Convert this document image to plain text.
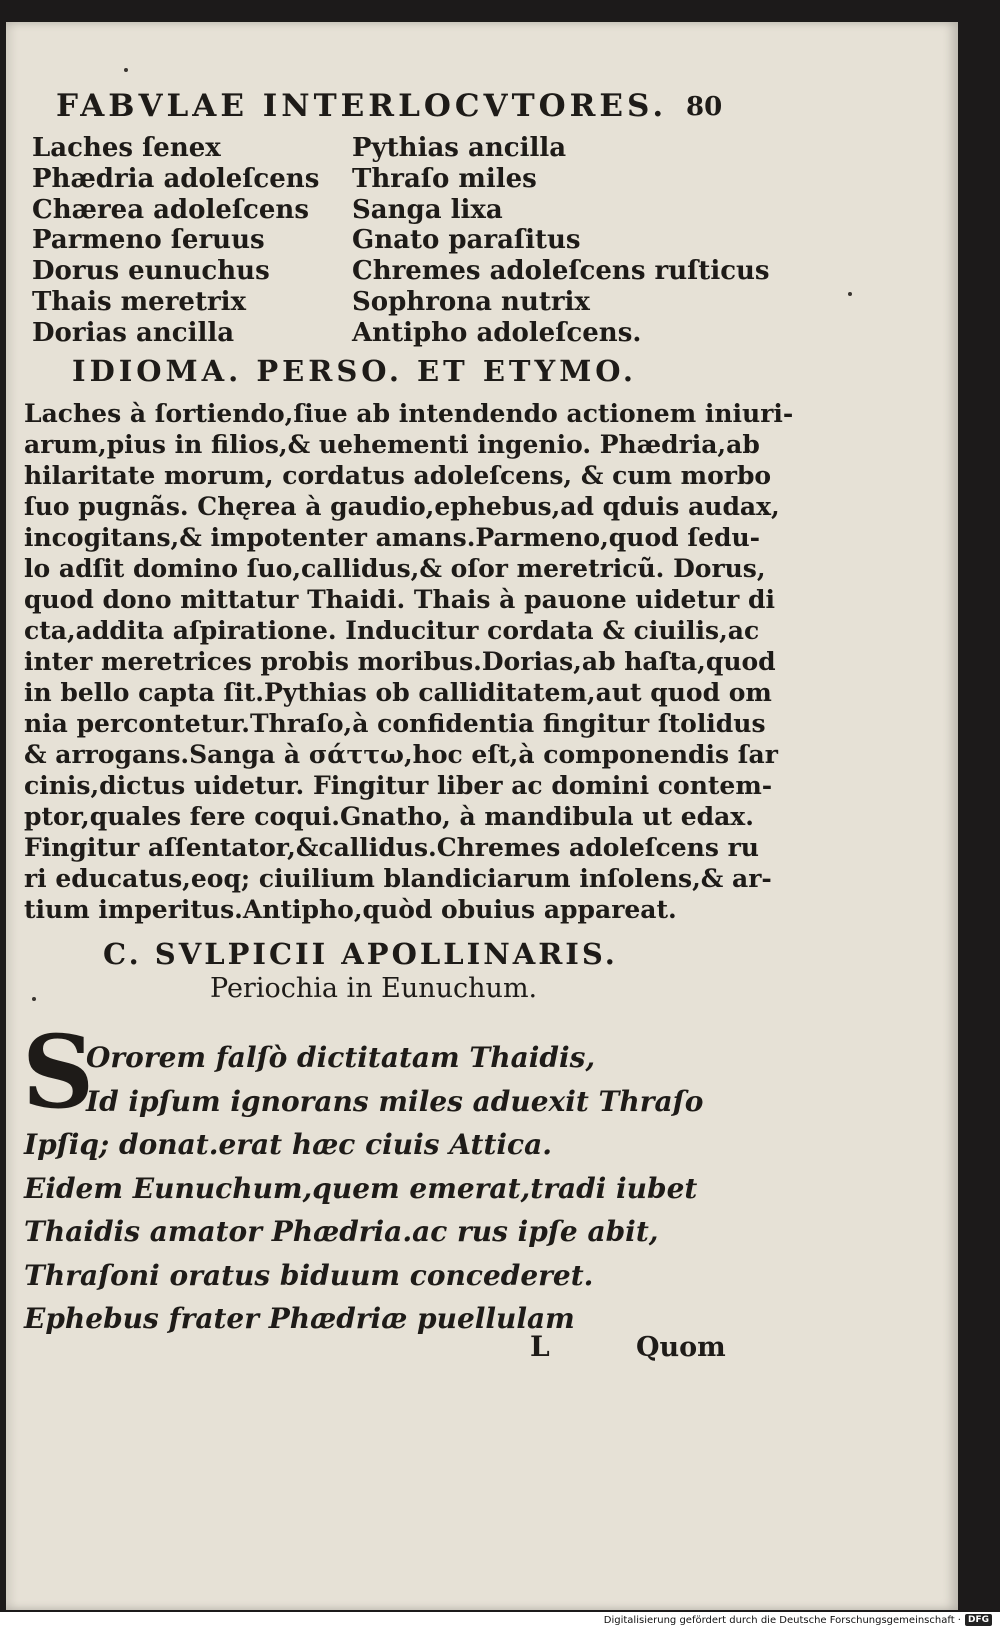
FABVLAE INTERLOCVTORES. 80
Laches ſenex
Phædria adoleſcens
Chærea adoleſcens
Parmeno ſeruus
Dorus eunuchus
Thais meretrix
Dorias ancilla
Pythias ancilla
Thraſo miles
Sanga lixa
Gnato paraſitus
Chremes adoleſcens ruſticus
Sophrona nutrix
Antipho adoleſcens.
IDIOMA. PERSO. ET ETYMO.
Laches à ſortiendo,ſiue ab intendendo actionem iniuri-
arum,pius in filios,& uehementi ingenio. Phædria,ab
hilaritate morum, cordatus adoleſcens, & cum morbo
ſuo pugnãs. Chęrea à gaudio,ephebus,ad qduis audax,
incogitans,& impotenter amans.Parmeno,quod ſedu-
lo adſit domino ſuo,callidus,& oſor meretricũ. Dorus,
quod dono mittatur Thaidi. Thais à pauone uidetur di
cta,addita aſpiratione. Inducitur cordata & ciuilis,ac
inter meretrices probis moribus.Dorias,ab haſta,quod
in bello capta ſit.Pythias ob calliditatem,aut quod om
nia percontetur.Thraſo,à confidentia fingitur ſtolidus
& arrogans.Sanga à σάττω,hoc eſt,à componendis ſar
cinis,dictus uidetur. Fingitur liber ac domini contem-
ptor,quales fere coqui.Gnatho, à mandibula ut edax.
Fingitur aſſentator,&callidus.Chremes adoleſcens ru
ri educatus,eoq; ciuilium blandiciarum inſolens,& ar-
tium imperitus.Antipho,quòd obuius appareat.
C. SVLPICII APOLLINARIS.
Periochia in Eunuchum.
S
Ororem falſò dictitatam Thaidis,
Id ipſum ignorans miles aduexit Thraſo
Ipſiq; donat.erat hæc ciuis Attica.
Eidem Eunuchum,quem emerat,tradi iubet
Thaidis amator Phædria.ac rus ipſe abit,
Thraſoni oratus biduum concederet.
Ephebus frater Phædriæ puellulam
L	Quom
Digitalisierung gefördert durch die Deutsche Forschungsgemeinschaft · DFG
